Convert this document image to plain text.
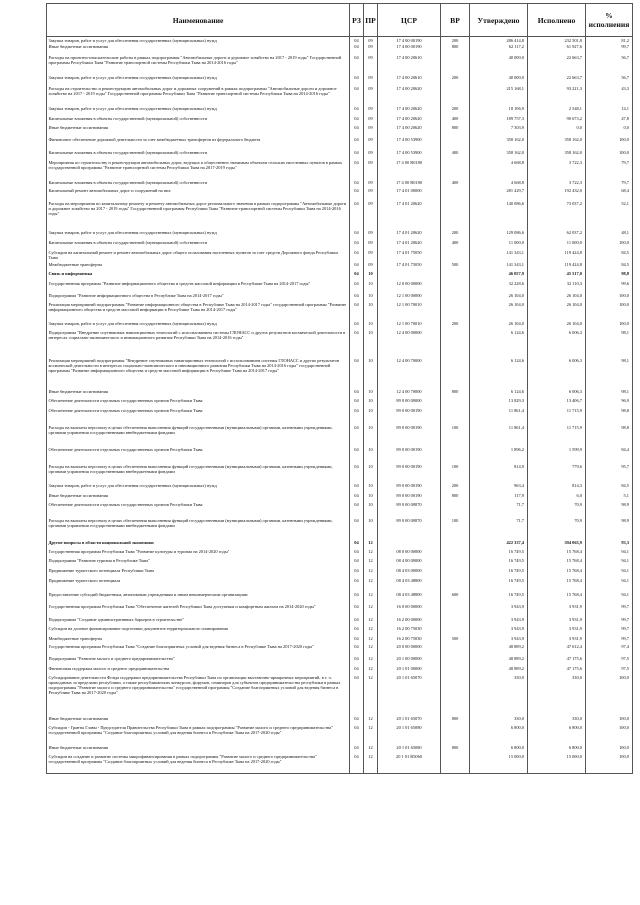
Наименование	РЗ	ПР	ЦСР	ВР	Утверждено	Исполнено	% исполнения
Закупка товаров, работ и услуг для обеспечения государственных (муниципальных) нужд	04	09	17 4 00 00190	200	286 414,8	232 501,8	81,2
Иные бюджетные ассигнования	04	09	17 4 00 00190	800	62 117,2	61 927,6	99,7
Расходы на проектно-изыскательские работы в рамках подпрограммы "Автомобильные дороги и дорожное хозяйство на 2017 - 2019 годы" Государственной программы Республики Тыва "Развитие транспортной системы Республики Тыва на 2014-2016 годы"	04	09	17 4 00 20610		40 000,0	22 663,7	56,7
Закупка товаров, работ и услуг для обеспечения государственных (муниципальных) нужд	04	09	17 4 00 20610	200	40 000,0	22 663,7	56,7
Расходы на строительство и реконструкцию автомобильных дорог и дорожных сооружений в рамках подпрограммы "Автомобильные дороги и дорожное хозяйство на 2017 - 2019 годы" Государственной программы Республики Тыва "Развитие транспортной системы Республики Тыва на 2014-2016 годы"	04	09	17 4 00 20620		215 168,1	93 221,3	43,3
Закупка товаров, работ и услуг для обеспечения государственных (муниципальных) нужд	04	09	17 4 00 20620	200	18 106,9	2 548,1	14,1
Капитальные вложения в объекты государственной (муниципальной) собственности	04	09	17 4 00 20620	400	189 757,3	90 673,2	47,8
Иные бюджетные ассигнования	04	09	17 4 00 20620	800	7 303,9	0,0	0,0
Финансовое обеспечение дорожной деятельности за счет межбюджетных трансфертов из федерального бюджета	04	09	17 4 00 53900		358 162,0	358 162,0	100,0
Капитальные вложения в объекты государственной (муниципальной) собственности	04	09	17 4 00 53900	400	358 162,0	358 162,0	100,0
Мероприятия по строительству и реконструкции автомобильных дорог, ведущих к общественно значимым объектам сельских населенных пунктов в рамках государственной программы "Развитие транспортной системы Республики Тыва на 2017-2019 годы"	04	09	17 4 00 R0180		4 668,8	3 722,3	79,7
Капитальные вложения в объекты государственной (муниципальной) собственности	04	09	17 4 00 R0180	400	4 668,8	3 722,3	79,7
Капитальный ремонт автомобильных дорог и сооружений на них	04	09	17 4 01 00000		281 429,7	192 432,0	68,4
Расходы на мероприятия по капитальному ремонту и ремонту автомобильных дорог регионального значения в рамках подпрограммы "Автомобильные дороги и дорожное хозяйство на 2017 - 2019 годы" Государственной программы Республики Тыва "Развитие транспортной системы Республики Тыва на 2014-2016 годы"	04	09	17 4 01 20620		140 086,6	73 037,2	52,1
Закупка товаров, работ и услуг для обеспечения государственных (муниципальных) нужд	04	09	17 4 01 20620	200	129 086,6	62 037,2	48,1
Капитальные вложения в объекты государственной (муниципальной) собственности	04	09	17 4 01 20620	400	11 000,0	11 000,0	100,0
Субсидии на капитальный ремонт и ремонт автомобильных дорог общего пользования населенных пунктов за счет средств Дорожного фонда Республики Тыва	04	09	17 4 01 75050		141 343,1	119 424,8	84,5
Межбюджетные трансферты	04	09	17 4 01 75050	500	141 343,1	119 424,8	84,5
Связь и информатика	04	10			46 057,9	45 517,0	98,8
Государственная программа "Развитие информационного общества и средств массовой информации в Республике Тыва на 2014-2017 годы"	04	10	12 0 00 00000		32 228,6	32 110,3	99,6
Подпрограмма "Развитие информационного общества в Республике Тыва на 2014-2017 годы"	04	10	12 1 00 00000		26 104,0	26 104,0	100,0
Реализация мероприятий подпрограммы "Развитие информационного общества в Республике Тыва на 2014-2017 годы" государственной программы "Развитие информационного общества и средств массовой информации в Республике Тыва на 2014-2017 годы"	04	10	12 1 00 70010		26 104,0	26 104,0	100,0
Закупка товаров, работ и услуг для обеспечения государственных (муниципальных) нужд	04	10	12 1 00 70010	200	26 104,0	26 104,0	100,0
Подпрограмма "Внедрение спутниковых навигационных технологий с использованием системы ГЛОНАСС и других результатов космической деятельности в интересах социально-экономического и инновационного развития Республики Тыва на 2014-2016 годы"	04	10	12 4 00 00000		6 124,6	6 006,3	98,1
Реализация мероприятий подпрограммы "Внедрение спутниковых навигационных технологий с использованием системы ГЛОНАСС и других результатов космической деятельности в интересах социально-экономического и инновационного развития Республики Тыва на 2014-2016 годы" государственной программы "Развитие информационного общества и средств массовой информации в Республике Тыва на 2014-2017 годы"	04	10	12 4 00 70000		6 124,6	6 006,3	98,1
Иные бюджетные ассигнования	04	10	12 4 00 70000	800	6 124,6	6 006,3	98,1
Обеспечение деятельности отдельных государственных органов Республики Тыва	04	10	89 0 00 00000		13 829,3	13 406,7	96,9
Обеспечение деятельности отдельных государственных органов Республики Тыва	04	10	89 0 00 00190		11 861,4	11 715,9	98,8
Расходы на выплаты персоналу в целях обеспечения выполнения функций государственными (муниципальными) органами, казенными учреждениями, органами управления государственными внебюджетными фондами	04	10	89 0 00 00190	100	11 861,4	11 715,9	98,8
Обеспечение деятельности отдельных государственных органов Республики Тыва	04	10	89 0 00 00190		1 896,2	1 599,9	84,4
Расходы на выплаты персоналу в целях обеспечения выполнения функций государственными (муниципальными) органами, казенными учреждениями, органами управления государственными внебюджетными фондами	04	10	89 0 00 00190	100	814,9	779,6	95,7
Закупка товаров, работ и услуг для обеспечения государственных (муниципальных) нужд	04	10	89 0 00 00190	200	963,4	814,3	84,5
Иные бюджетные ассигнования	04	10	89 0 00 00190	800	117,9	6,0	5,1
Обеспечение деятельности отдельных государственных органов Республики Тыва	04	10	89 0 00 00870		71,7	70,9	98,9
Расходы на выплаты персоналу в целях обеспечения выполнения функций государственными (муниципальными) органами, казенными учреждениями, органами управления государственными внебюджетными фондами	04	10	89 0 00 00870	100	71,7	70,9	98,9
Другие вопросы в области национальной экономики	04	12			422 337,4	394 063,9	93,3
Государственная программа Республики Тыва "Развитие культуры и туризма на 2014-2020 годы"	04	12	08 0 00 00000		16 749,5	15 768,4	94,1
Подпрограмма "Развитие туризма в Республике Тыва"	04	12	08 4 00 00000		16 749,5	15 768,4	94,1
Продвижение туристского потенциала Республики Тыва	04	12	08 4 03 00000		16 749,5	15 768,4	94,1
Продвижение туристского потенциала	04	12	08 4 03 48800		16 749,5	15 768,4	94,1
Предоставление субсидий бюджетным, автономным учреждениям и иным некоммерческим организациям	04	12	08 4 03 48800	600	16 749,5	15 768,4	94,1
Государственная программа Республики Тыва "Обеспечение жителей Республики Тыва доступным и комфортным жильем на 2014-2020 годы"	04	12	16 0 00 00000		3 943,9	3 931,9	99,7
Подпрограмма "Создание административных барьеров в строительстве"	04	12	16 2 00 00000		3 943,9	3 931,9	99,7
Субсидии на долевое финансирование подготовки документов территориального планирования	04	12	16 2 00 75030		3 943,9	3 931,9	99,7
Межбюджетные трансферты	04	12	16 2 00 75030	500	3 943,9	3 931,9	99,7
Государственная программа Республики Тыва "Создание благоприятных условий для ведения бизнеса в Республике Тыва на 2017-2020 годы"	04	12	20 0 00 00000		48 889,2	47 612,4	97,4
Подпрограмма "Развитие малого и среднего предпринимательства"	04	12	20 1 00 00000		48 889,2	47 175,6	97,5
Финансовая поддержка малого и среднего предпринимательства	04	12	20 1 01 00000		48 889,2	47 175,6	97,5
Субсидирование деятельности Фонда поддержки предпринимательства Республики Тыва по организации выставочно-ярмарочных мероприятий, в т. ч. проводимых за пределами республики, а также республиканских конкурсов, форумов, семинаров для субъектов предпринимательства республики в рамках подпрограммы "Развитие малого и среднего предпринимательства" государственной программы "Создание благоприятных условий для ведения бизнеса в Республике Тыва на 2017-2020 годы"	04	12	20 1 01 65070		330,0	330,0	100,0
Иные бюджетные ассигнования	04	12	20 1 01 65070	800	330,0	330,0	100,0
Субсидии - Гранты Главы - Председателя Правительства Республики Тыва в рамках подпрограммы "Развитие малого и среднего предпринимательства" государственной программы "Создание благоприятных условий для ведения бизнеса в Республике Тыва на 2017-2020 годы"	04	12	20 1 01 65080		6 800,0	6 800,0	100,0
Иные бюджетные ассигнования	04	12	20 1 01 65080	800	6 800,0	6 800,0	100,0
Субсидии на создание и развитие системы микрофинансирования в рамках подпрограммы "Развитие малого и среднего предпринимательства" государственной программы "Создание благоприятных условий для ведения бизнеса в Республике Тыва на 2017-2020 годы"	04	12	20 1 01 R5060		15 000,0	15 000,0	100,0
